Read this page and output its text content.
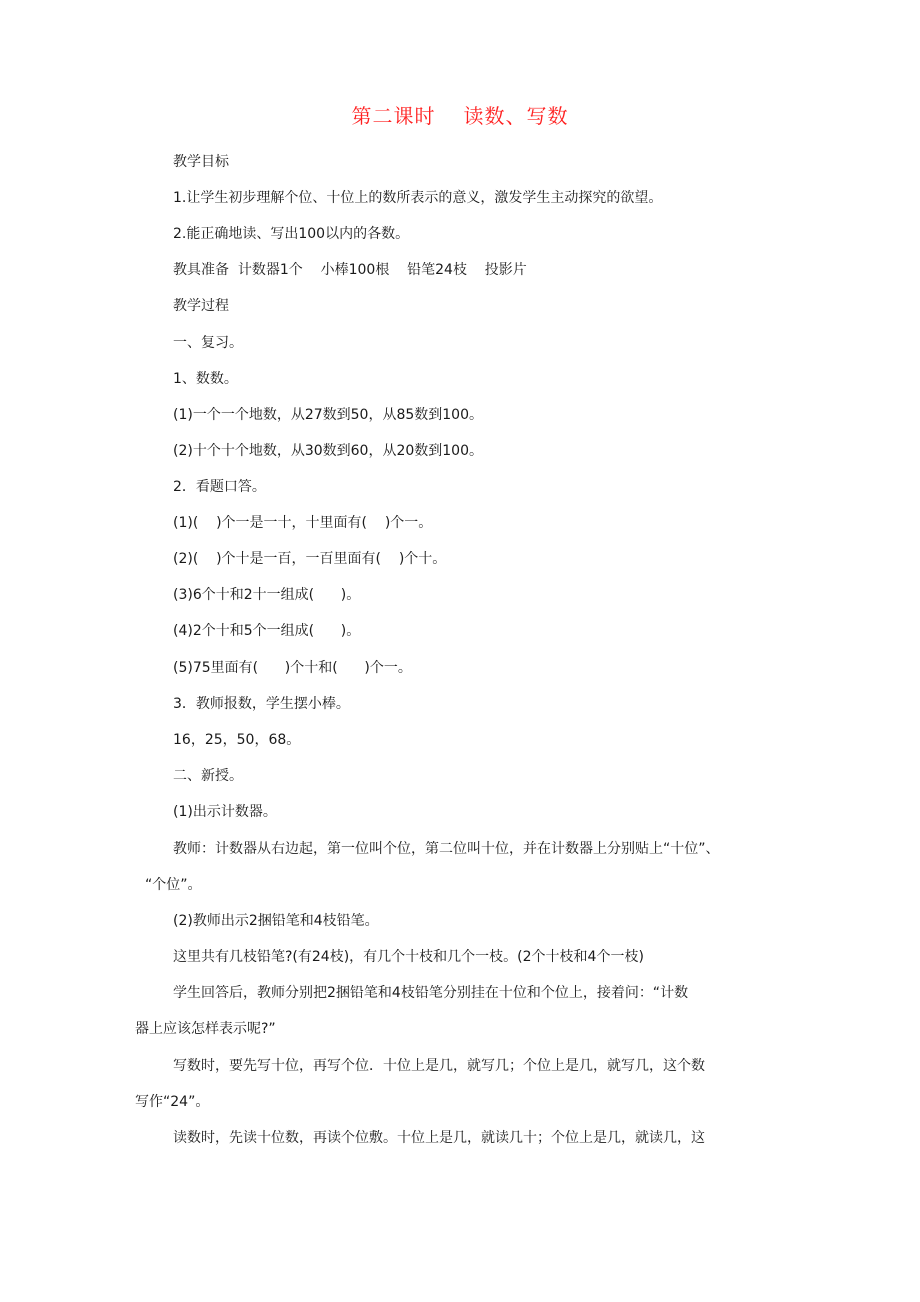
第二课时 读数、写数
教学目标
1.让学生初步理解个位、十位上的数所表示的意义，激发学生主动探究的欲望。
2.能正确地读、写出100以内的各数。
教具准备  计数器1个    小棒100根    铅笔24枝    投影片
教学过程
一、复习。
1、数数。
(1)一个一个地数，从27数到50，从85数到100。
(2)十个十个地数，从30数到60，从20数到100。
2．看题口答。
(1)(    )个一是一十，十里面有(    )个一。
(2)(    )个十是一百，一百里面有(    )个十。
(3)6个十和2十一组成(      )。
(4)2个十和5个一组成(      )。
(5)75里面有(      )个十和(      )个一。
3．教师报数，学生摆小棒。
16，25，50，68。
二、新授。
(1)出示计数器。
教师：计数器从右边起，第一位叫个位，第二位叫十位，并在计数器上分别贴上“十位”、
“个位”。
(2)教师出示2捆铅笔和4枝铅笔。
这里共有几枝铅笔?(有24枝)，有几个十枝和几个一枝。(2个十枝和4个一枝)
学生回答后，教师分别把2捆铅笔和4枝铅笔分别挂在十位和个位上，接着问：“计数
器上应该怎样表示呢?”
写数时，要先写十位，再写个位．十位上是几，就写几；个位上是几，就写几，这个数
写作“24”。
读数时，先读十位数，再读个位敷。十位上是几，就读几十；个位上是几，就读几，这
